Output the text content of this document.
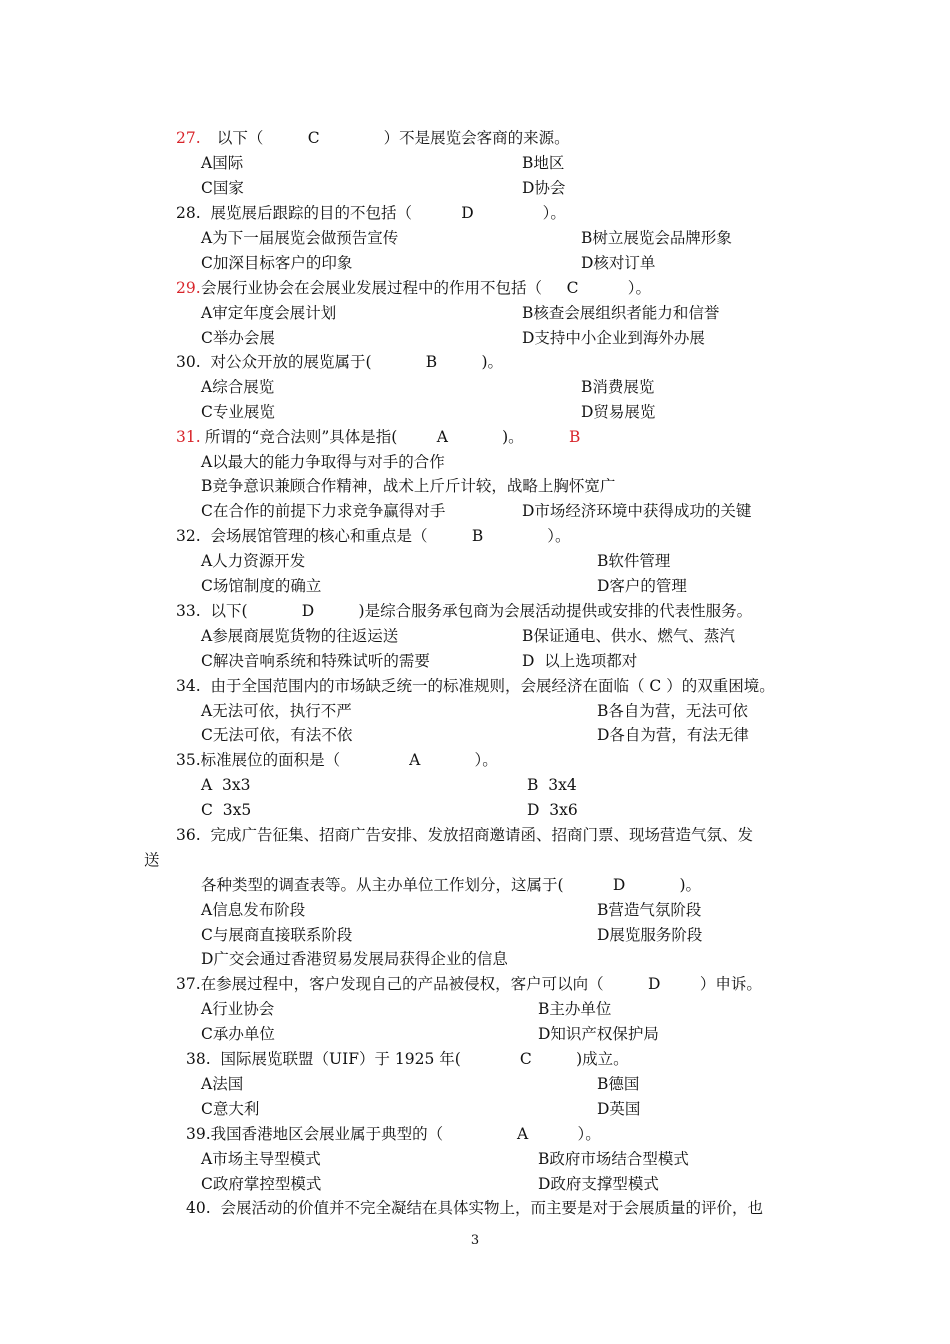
27. 以下（         C             ）不是展览会客商的来源。
A国际	B地区
C国家	D协会
28.  展览展后跟踪的目的不包括（          D              ）。
A为下一届展览会做预告宣传	B树立展览会品牌形象
C加深目标客户的印象	D核对订单
29. 会展行业协会在会展业发展过程中的作用不包括（     C          ）。
A审定年度会展计划	B核查会展组织者能力和信誉
C举办会展	D支持中小企业到海外办展
30.  对公众开放的展览属于(           B         )。
A综合展览	B消费展览
C专业展览	D贸易展览
31. 所谓的“竞合法则”具体是指(        A           )。	B
A以最大的能力争取得与对手的合作
B竞争意识兼顾合作精神，战术上斤斤计较，战略上胸怀宽广
C在合作的前提下力求竞争赢得对手	D市场经济环境中获得成功的关键
32.  会场展馆管理的核心和重点是（         B             ）。
A人力资源开发	B软件管理
C场馆制度的确立	D客户的管理
33.  以下(           D         )是综合服务承包商为会展活动提供或安排的代表性服务。
A参展商展览货物的往返运送	B保证通电、供水、燃气、蒸汽
C解决音响系统和特殊试听的需要	D  以上选项都对
34.  由于全国范围内的市场缺乏统一的标准规则，会展经济在面临（ C ）的双重困境。
A无法可依，执行不严	B各自为营，无法可依
C无法可依，有法不依	D各自为营，有法无律
35.标准展位的面积是（              A           ）。
A  3x3	B  3x4
C  3x5	D  3x6
36.  完成广告征集、招商广告安排、发放招商邀请函、招商门票、现场营造气氛、发
送
各种类型的调查表等。从主办单位工作划分，这属于(          D           )。
A信息发布阶段	B营造气氛阶段
C与展商直接联系阶段	D展览服务阶段
D广交会通过香港贸易发展局获得企业的信息
37.在参展过程中，客户发现自己的产品被侵权，客户可以向（         D        ）申诉。
A行业协会	B主办单位
C承办单位	D知识产权保护局
38.  国际展览联盟（UIF）于 1925 年(            C         )成立。
A法国	B德国
C意大利	D英国
39.我国香港地区会展业属于典型的（               A          ）。
A市场主导型模式	B政府市场结合型模式
C政府掌控型模式	D政府支撑型模式
40.  会展活动的价值并不完全凝结在具体实物上，而主要是对于会展质量的评价，也
3
